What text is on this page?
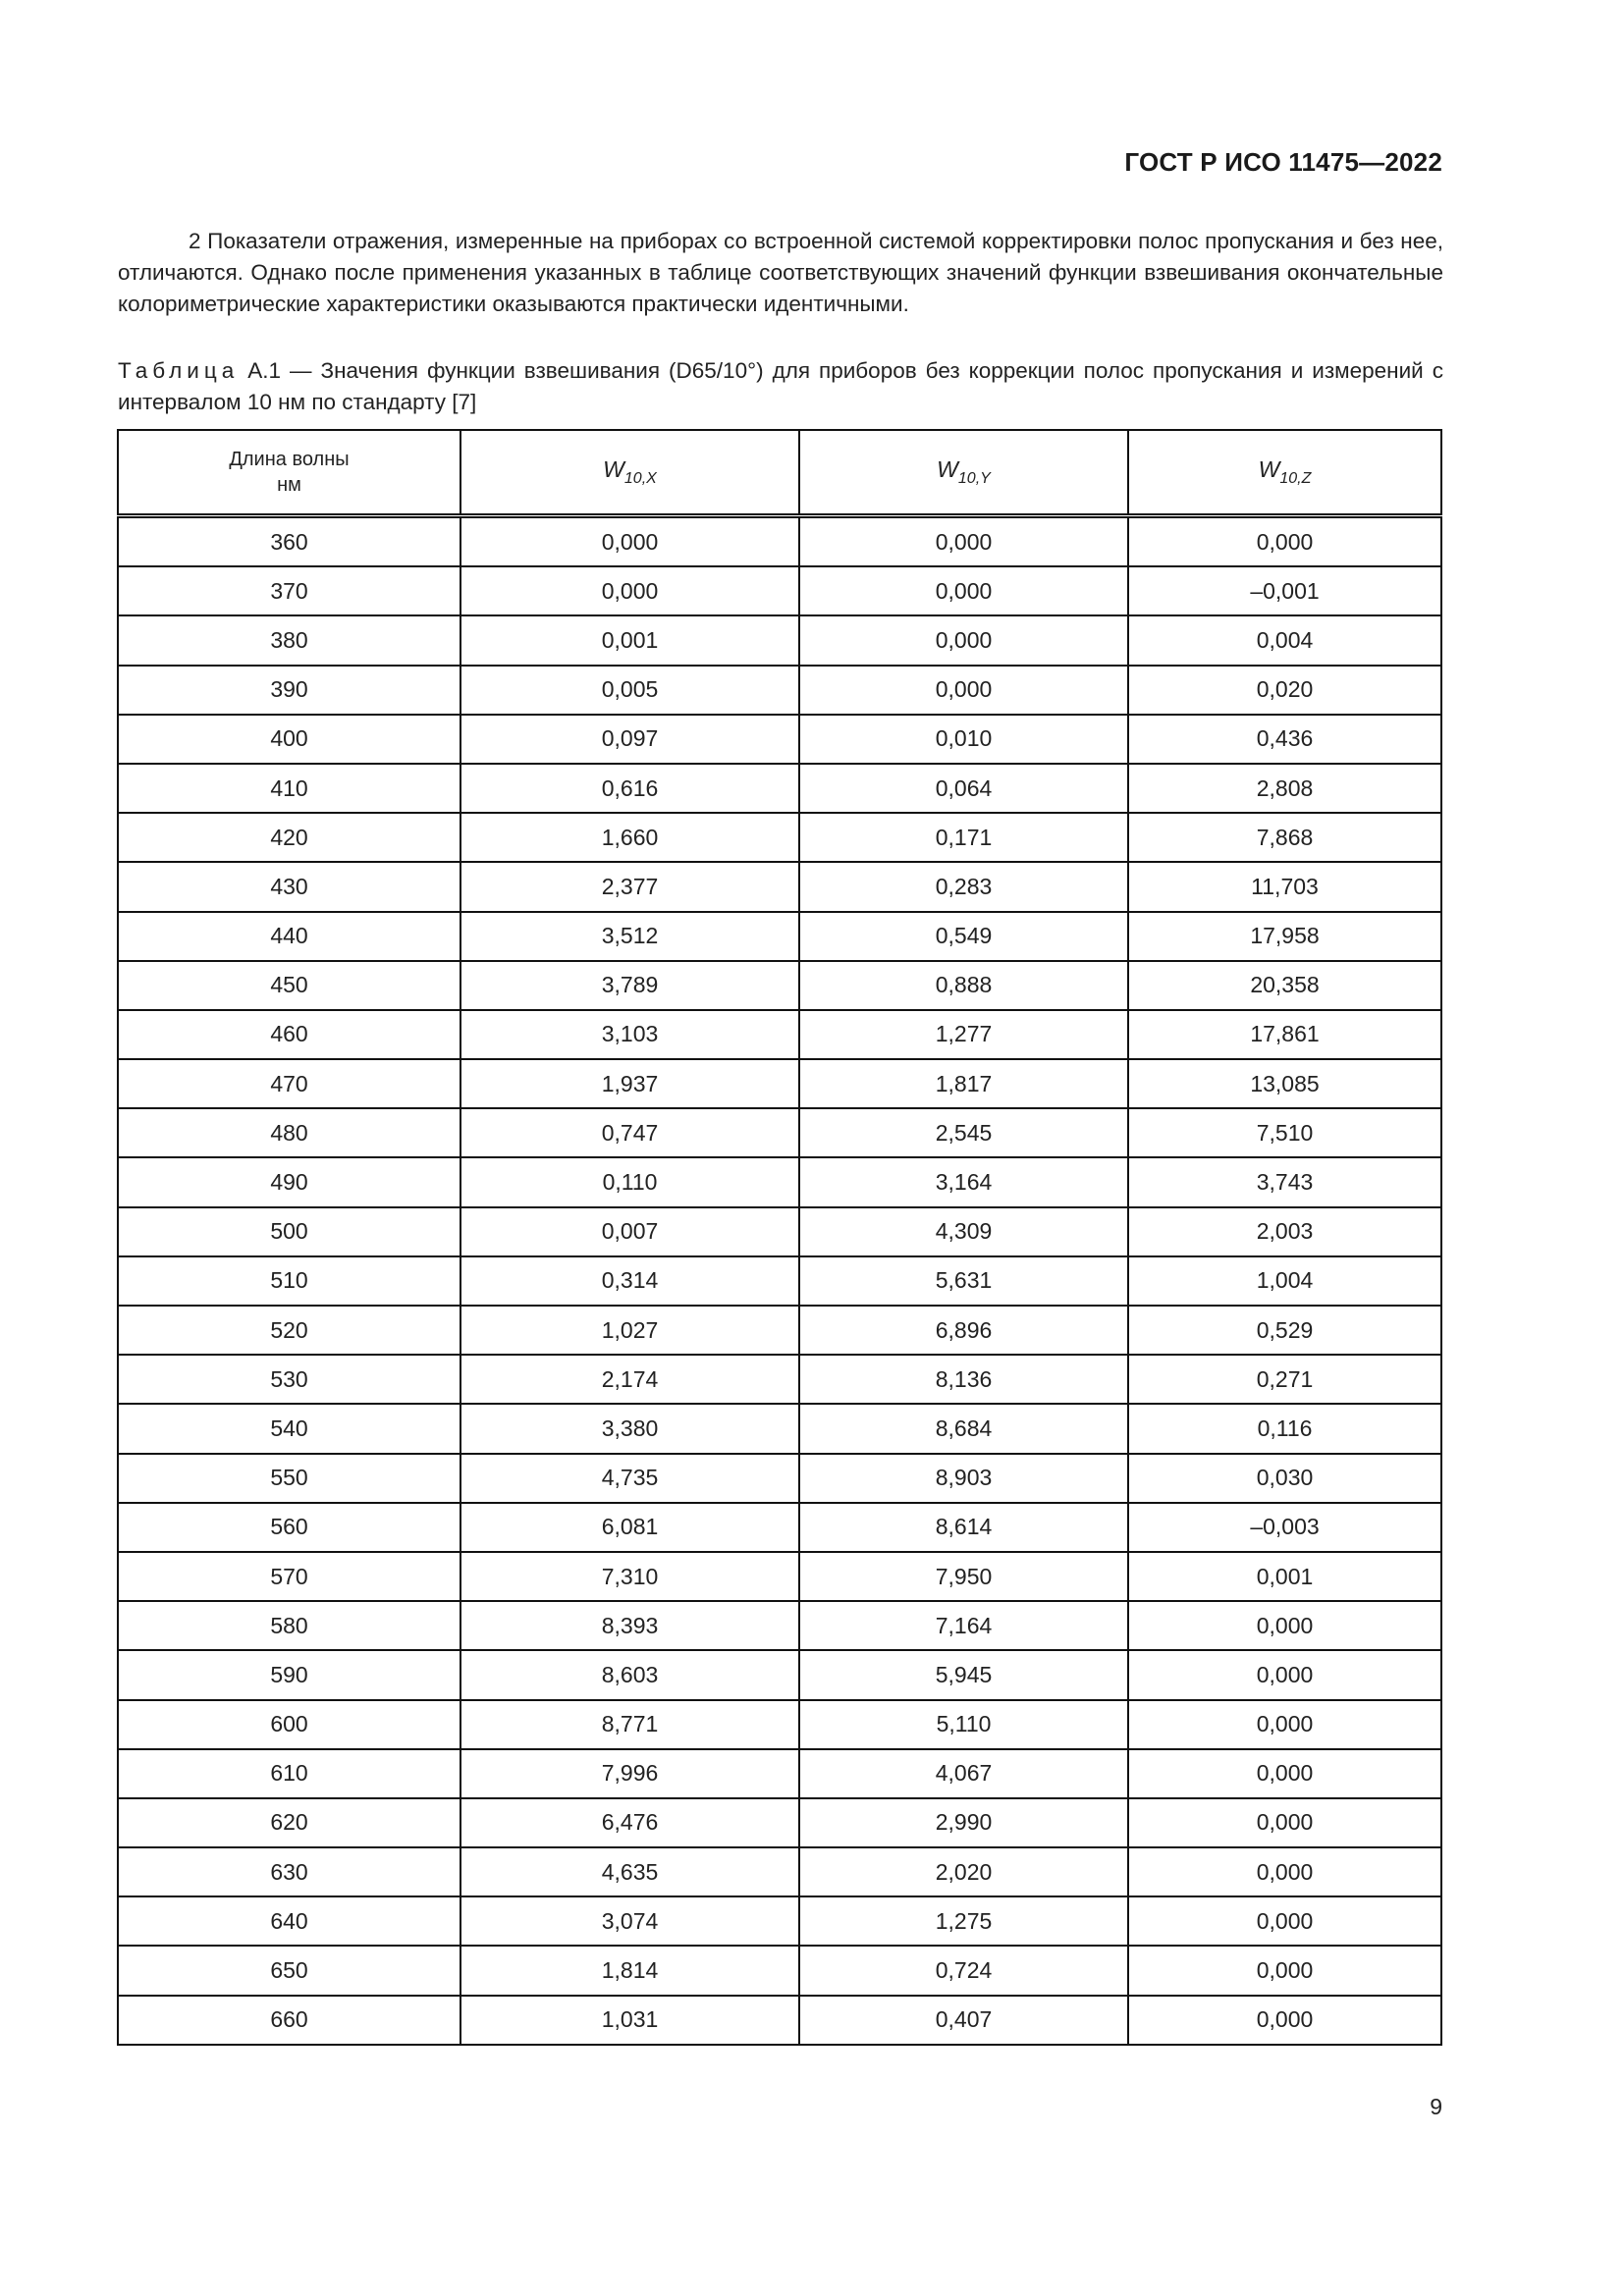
ГОСТ Р ИСО 11475—2022

2 Показатели отражения, измеренные на приборах со встроенной системой корректировки полос пропускания и без нее, отличаются. Однако после применения указанных в таблице соответствующих значений функции взвешивания окончательные колориметрические характеристики оказываются практически идентичными.

Таблица А.1 — Значения функции взвешивания (D65/10°) для приборов без коррекции полос пропускания и измерений с интервалом 10 нм по стандарту [7]

Длина волны
нм	$W_{10,X}$	$W_{10,Y}$	$W_{10,Z}$
360	0,000	0,000	0,000
370	0,000	0,000	–0,001
380	0,001	0,000	0,004
390	0,005	0,000	0,020
400	0,097	0,010	0,436
410	0,616	0,064	2,808
420	1,660	0,171	7,868
430	2,377	0,283	11,703
440	3,512	0,549	17,958
450	3,789	0,888	20,358
460	3,103	1,277	17,861
470	1,937	1,817	13,085
480	0,747	2,545	7,510
490	0,110	3,164	3,743
500	0,007	4,309	2,003
510	0,314	5,631	1,004
520	1,027	6,896	0,529
530	2,174	8,136	0,271
540	3,380	8,684	0,116
550	4,735	8,903	0,030
560	6,081	8,614	–0,003
570	7,310	7,950	0,001
580	8,393	7,164	0,000
590	8,603	5,945	0,000
600	8,771	5,110	0,000
610	7,996	4,067	0,000
620	6,476	2,990	0,000
630	4,635	2,020	0,000
640	3,074	1,275	0,000
650	1,814	0,724	0,000
660	1,031	0,407	0,000
9
